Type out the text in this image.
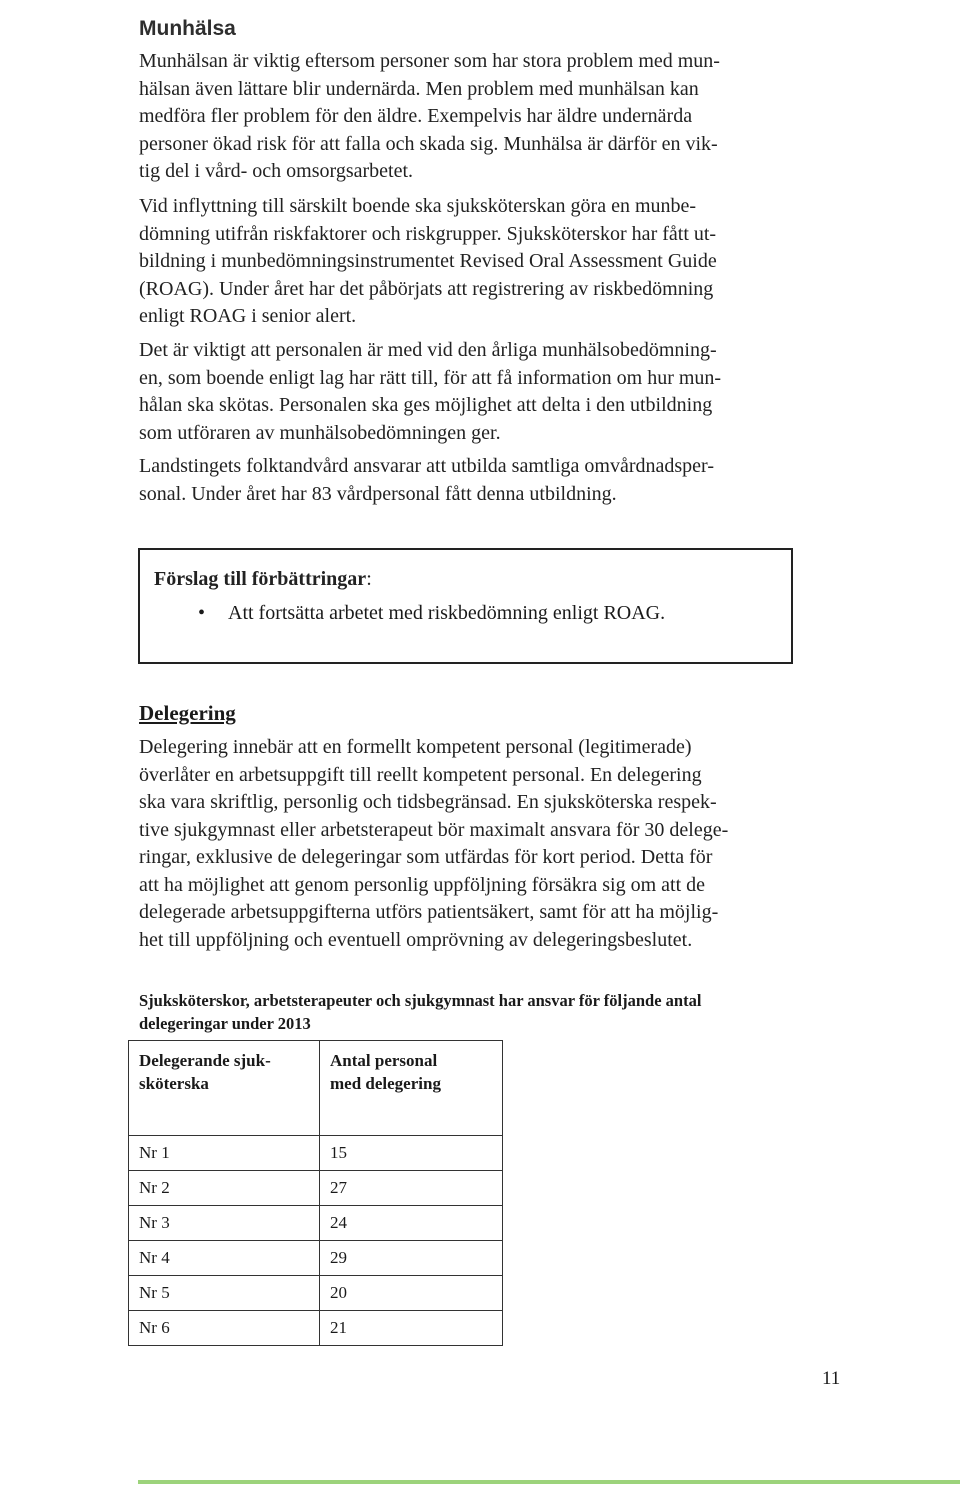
Munhälsa
Munhälsan är viktig eftersom personer som har stora problem med mun-
hälsan även lättare blir undernärda. Men problem med munhälsan kan
medföra fler problem för den äldre. Exempelvis har äldre undernärda
personer ökad risk för att falla och skada sig. Munhälsa är därför en vik-
tig del i vård- och omsorgsarbetet.
Vid inflyttning till särskilt boende ska sjuksköterskan göra en munbe-
dömning utifrån riskfaktorer och riskgrupper. Sjuksköterskor har fått ut-
bildning i munbedömningsinstrumentet Revised Oral Assessment Guide
(ROAG). Under året har det påbörjats att registrering av riskbedömning
enligt ROAG i senior alert.
Det är viktigt att personalen är med vid den årliga munhälsobedömning-
en, som boende enligt lag har rätt till, för att få information om hur mun-
hålan ska skötas. Personalen ska ges möjlighet att delta i den utbildning
som utföraren av munhälsobedömningen ger.
Landstingets folktandvård ansvarar att utbilda samtliga omvårdnadsper-
sonal. Under året har 83 vårdpersonal fått denna utbildning.
Förslag till förbättringar:
• Att fortsätta arbetet med riskbedömning enligt ROAG.
Delegering
Delegering innebär att en formellt kompetent personal (legitimerade)
överlåter en arbetsuppgift till reellt kompetent personal. En delegering
ska vara skriftlig, personlig och tidsbegränsad. En sjuksköterska respek-
tive sjukgymnast eller arbetsterapeut bör maximalt ansvara för 30 delege-
ringar, exklusive de delegeringar som utfärdas för kort period. Detta för
att ha möjlighet att genom personlig uppföljning försäkra sig om att de
delegerade arbetsuppgifterna utförs patientsäkert, samt för att ha möjlig-
het till uppföljning och eventuell omprövning av delegeringsbeslutet.
Sjuksköterskor, arbetsterapeuter och sjukgymnast har ansvar för följande antal
delegeringar under 2013
Delegerande sjuk-
sköterska	Antal personal
med delegering
Nr 1	15
Nr 2	27
Nr 3	24
Nr 4	29
Nr 5	20
Nr 6	21
11
